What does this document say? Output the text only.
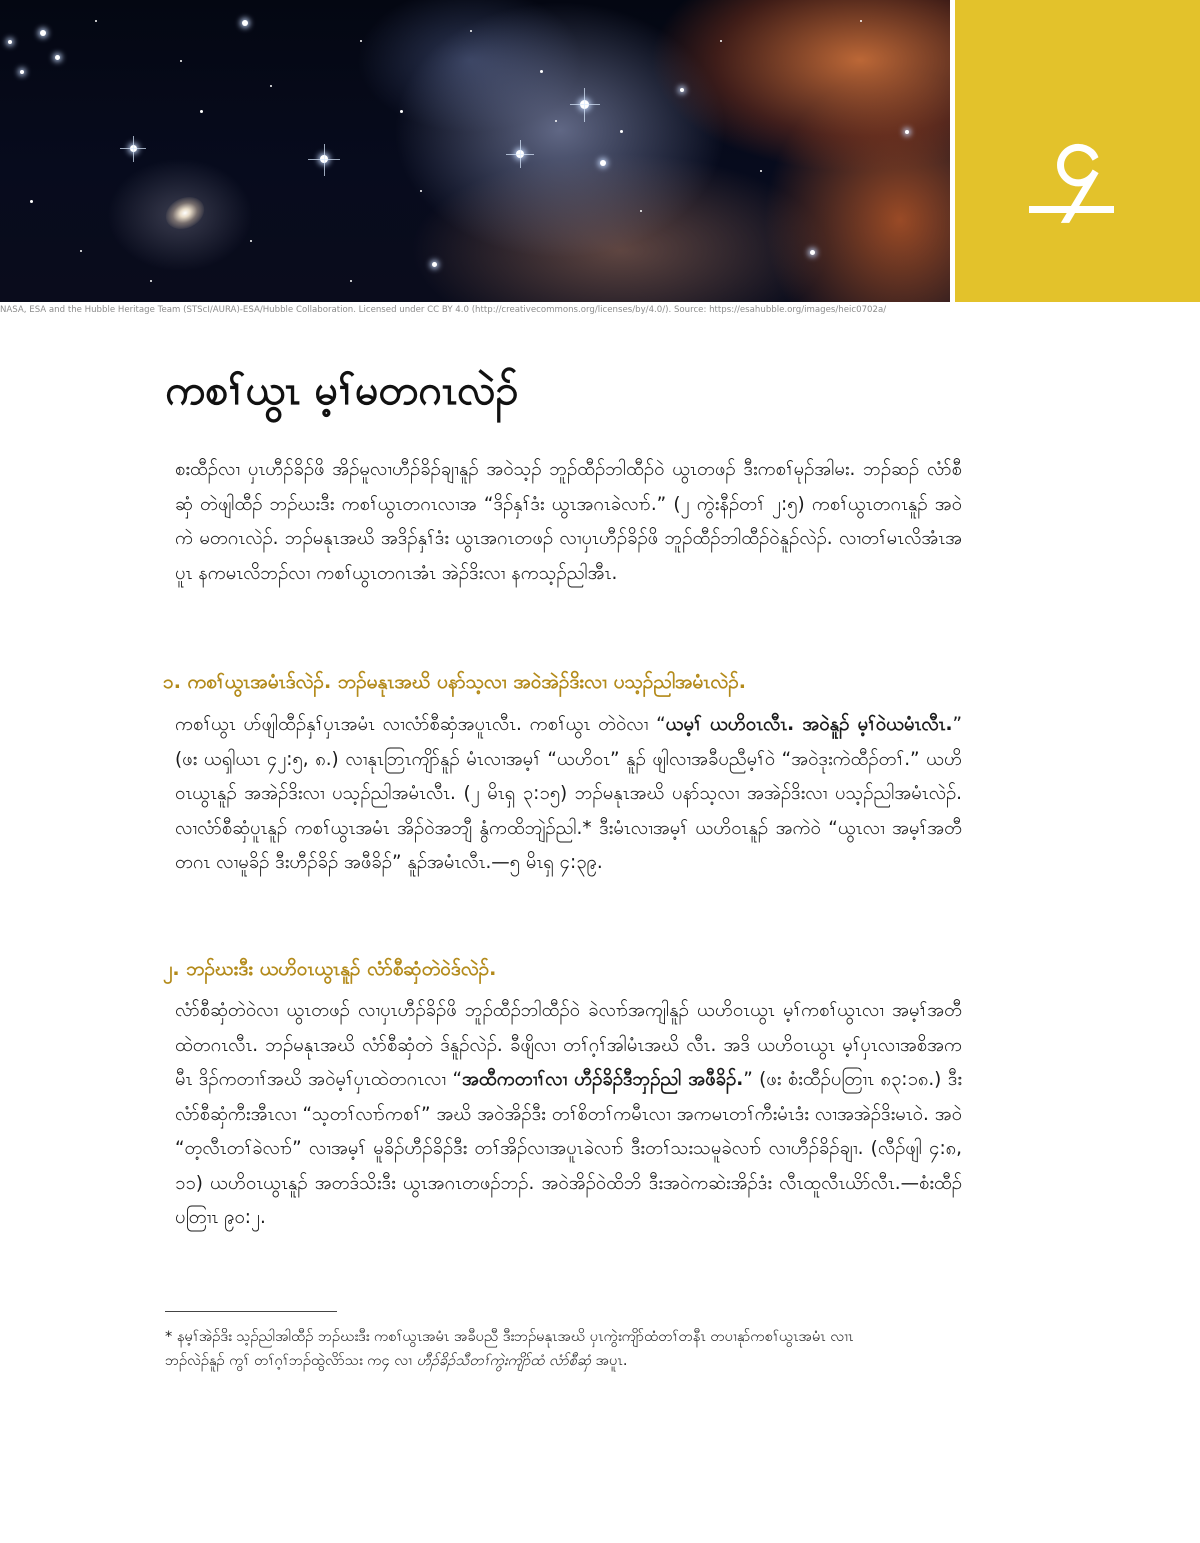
၄
NASA, ESA and the Hubble Heritage Team (STScI/AURA)-ESA/Hubble Collaboration. Licensed under CC BY 4.0 (http://creativecommons.org/licenses/by/4.0/). Source: https://esahubble.org/images/heic0702a/
ကစၢ်ယွၤ မ့ၢ်မတဂၤလဲၣ်

စးထီၣ်လၢ ပှၤဟီၣ်ခိၣ်ဖိ အိၣ်မူလၢဟီၣ်ခိၣ်ချၢနူၣ် အဝဲသ့ၣ် ဘူၣ်ထီၣ်ဘါထီၣ်ဝဲ ယွၤတဖၣ် ဒီးကစၢ်မုၣ်အါမး. ဘၣ်ဆၣ် လံာ်စီဆှံ တဲဖျါထီၣ် ဘၣ်ဃးဒီး ကစၢ်ယွၤတဂၤလၢအ “ဒိၣ်နှၢ်ဒံး ယွၤအဂၤခဲလၢာ်.” (၂ ကွဲးနီၣ်တၢ် ၂:၅) ကစၢ်ယွၤတဂၤနူၣ် အဝဲကဲ မတဂၤလဲၣ်. ဘၣ်မနုၤအဃိ အဒိၣ်နှၢ်ဒံး ယွၤအဂၤတဖၣ် လၢပှၤဟီၣ်ခိၣ်ဖိ ဘူၣ်ထီၣ်ဘါထီၣ်ဝဲနူၣ်လဲၣ်. လၢတၢ်မၤလိအံၤအပူၤ နကမၤလိဘၣ်လၢ ကစၢ်ယွၤတဂၤအံၤ အဲၣ်ဒိးလၢ နကသ့ၣ်ညါအီၤ.

၁. ကစၢ်ယွၤအမံၤဒ်လဲၣ်. ဘၣ်မနုၤအဃိ ပနာ်သ့လၢ အဝဲအဲၣ်ဒိးလၢ ပသ့ၣ်ညါအမံၤလဲၣ်.

ကစၢ်ယွၤ ပာ်ဖျါထီၣ်နှၢ်ပှၤအမံၤ လၢလံာ်စီဆှံအပူၤလီၤ. ကစၢ်ယွၤ တဲဝဲလၢ “ယမ့ၢ် ယဟိဝၤလီၤ. အဝဲနူၣ် မ့ၢ်ဝဲယမံၤလီၤ.” (ဖး ယၡါယၤ ၄၂:၅, ၈.) လၢနုၤဘြၤကျိာ်နူၣ် မံၤလၢအမ့ၢ် “ယဟိဝၤ” နူၣ် ဖျါလၢအခီပညီမ့ၢ်ဝဲ “အဝဲဒုးကဲထီၣ်တၢ်.” ယဟိဝၤယွၤနူၣ် အအဲၣ်ဒိးလၢ ပသ့ၣ်ညါအမံၤလီၤ. (၂ မိၤရှ ၃:၁၅) ဘၣ်မနုၤအဃိ ပနာ်သ့လၢ အအဲၣ်ဒိးလၢ ပသ့ၣ်ညါအမံၤလဲၣ်. လၢလံာ်စီဆှံပူၤနူၣ် ကစၢ်ယွၤအမံၤ အိၣ်ဝဲအဘျီ နွံကထိဘျဲၣ်ညါ.* ဒီးမံၤလၢအမ့ၢ် ယဟိဝၤနူၣ် အကဲဝဲ “ယွၤလၢ အမ့ၢ်အတီတဂၤ လၢမူခိၣ် ဒီးဟီၣ်ခိၣ် အဖီခိၣ်” နူၣ်အမံၤလီၤ.—၅ မိၤရှ ၄:၃၉.

၂. ဘၣ်ဃးဒီး ယဟိဝၤယွၤနူၣ် လံာ်စီဆှံတဲဝဲဒ်လဲၣ်.

လံာ်စီဆှံတဲဝဲလၢ ယွၤတဖၣ် လၢပှၤဟီၣ်ခိၣ်ဖိ ဘူၣ်ထီၣ်ဘါထီၣ်ဝဲ ခဲလၢာ်အကျါနူၣ် ယဟိဝၤယွၤ မ့ၢ်ကစၢ်ယွၤလၢ အမ့ၢ်အတီ ထဲတဂၤလီၤ. ဘၣ်မနုၤအဃိ လံာ်စီဆှံတဲ ဒ်နူၣ်လဲၣ်. ခီဖျိလၢ တၢ်ဂ့ၢ်အါမံၤအဃိ လီၤ. အဒိ ယဟိဝၤယွၤ မ့ၢ်ပှၤလၢအစိအကမီၤ ဒိၣ်ကတၢၢ်အဃိ အဝဲမ့ၢ်ပှၤထဲတဂၤလၢ “အထီကတၢၢ်လၢ ဟီၣ်ခိၣ်ဒီဘှၣ်ညါ အဖီခိၣ်.” (ဖး စံးထီၣ်ပတြၢၤ ၈၃:၁၈.) ဒီးလံာ်စီဆှံကီးအီၤလၢ “သ့တၢ်လၢာ်ကစၢ်” အဃိ အဝဲအိၣ်ဒီး တၢ်စိတၢ်ကမီၤလၢ အကမၤတၢ်ကီးမံၤဒံး လၢအအဲၣ်ဒိးမၤဝဲ. အဝဲ “တ့လီၤတၢ်ခဲလၢာ်” လၢအမ့ၢ် မူခိၣ်ဟီၣ်ခိၣ်ဒီး တၢ်အိၣ်လၢအပူၤခဲလၢာ် ဒီးတၢ်သးသမူခဲလၢာ် လၢဟီၣ်ခိၣ်ချၢ. (လီၣ်ဖျါ ၄:၈, ၁၁) ယဟိဝၤယွၤနူၣ် အတဒ်သိးဒီး ယွၤအဂၤတဖၣ်ဘၣ်. အဝဲအိၣ်ဝဲထိဘိ ဒီးအဝဲကဆဲးအိၣ်ဒံး လီၤထူလီၤယိာ်လီၤ.—စံးထီၣ်ပတြၢၤ ၉၀:၂.

* နမ့ၢ်အဲၣ်ဒိး သ့ၣ်ညါအါထီၣ် ဘၣ်ဃးဒီး ကစၢ်ယွၤအမံၤ အခီပညီ ဒီးဘၣ်မနုၤအဃိ ပှၤကွဲးကျိာ်ထံတၢ်တနီၤ တပၢနုာ်ကစၢ်ယွၤအမံၤ လၢၤဘၣ်လဲၣ်နူၣ် ကွၢ် တၢ်ဂ့ၢ်ဘၣ်ထွဲလိာ်သး က၄ လၢ ဟီၣ်ခိၣ်သီတၢ်ကွဲးကျိာ်ထံ လံာ်စီဆှံ အပူၤ.
